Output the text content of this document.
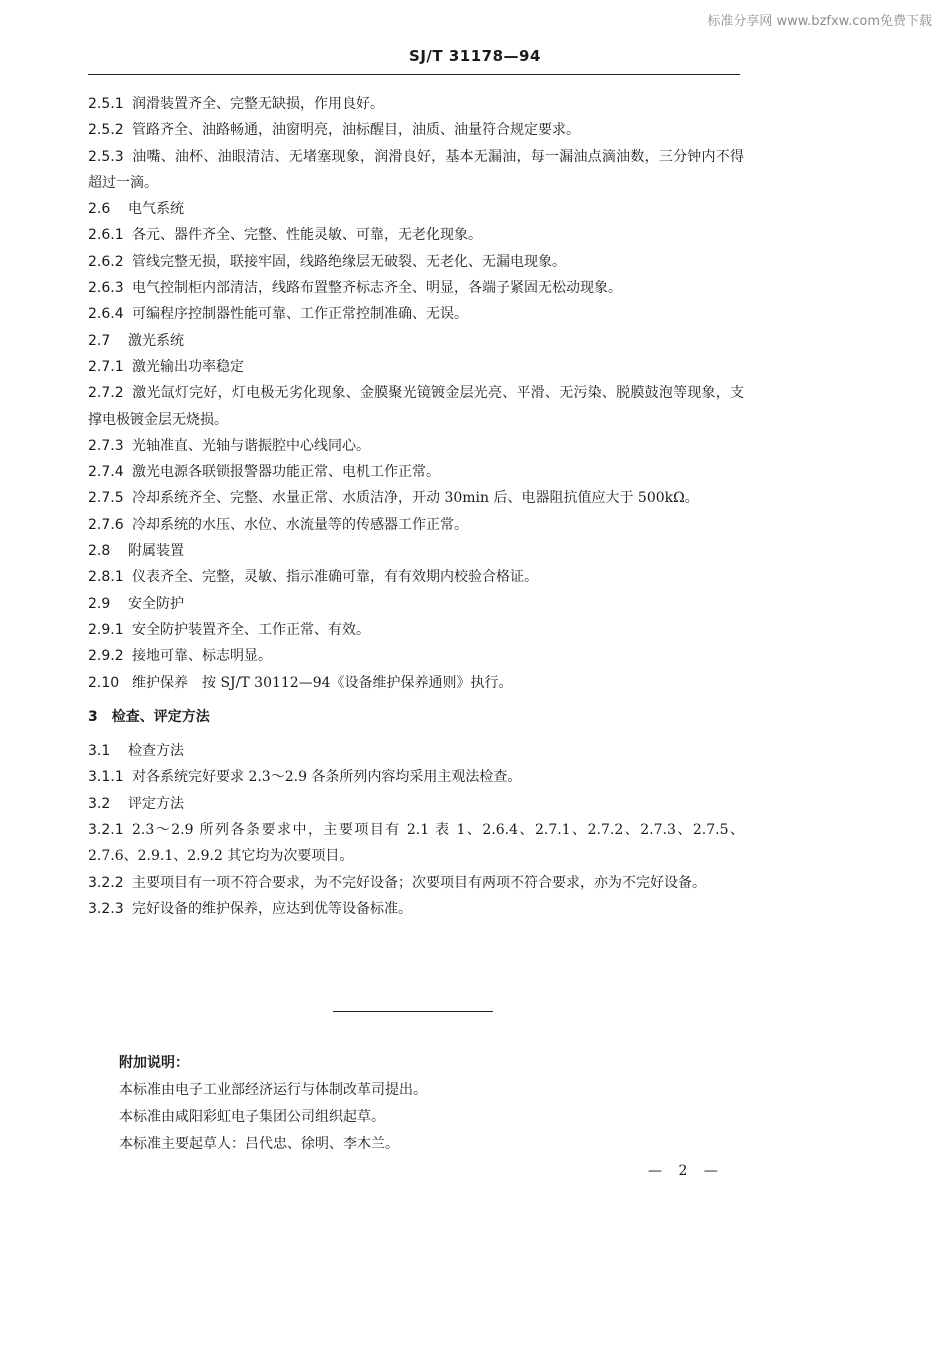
标准分享网 www.bzfxw.com免费下载
SJ/T 31178—94
2.5.1 润滑装置齐全、完整无缺损，作用良好。
2.5.2 管路齐全、油路畅通，油窗明亮，油标醒目，油质、油量符合规定要求。
2.5.3 油嘴、油杯、油眼清洁、无堵塞现象，润滑良好，基本无漏油，每一漏油点滴油数，三分钟内不得超过一滴。
2.6 电气系统
2.6.1 各元、器件齐全、完整、性能灵敏、可靠，无老化现象。
2.6.2 管线完整无损，联接牢固，线路绝缘层无破裂、无老化、无漏电现象。
2.6.3 电气控制柜内部清洁，线路布置整齐标志齐全、明显，各端子紧固无松动现象。
2.6.4 可编程序控制器性能可靠、工作正常控制准确、无误。
2.7 激光系统
2.7.1 激光输出功率稳定
2.7.2 激光氙灯完好，灯电极无劣化现象、金膜聚光镜镀金层光亮、平滑、无污染、脱膜鼓泡等现象，支撑电极镀金层无烧损。
2.7.3 光轴准直、光轴与谐振腔中心线同心。
2.7.4 激光电源各联锁报警器功能正常、电机工作正常。
2.7.5 冷却系统齐全、完整、水量正常、水质洁净，开动 30min 后、电器阻抗值应大于 500kΩ。
2.7.6 冷却系统的水压、水位、水流量等的传感器工作正常。
2.8 附属装置
2.8.1 仪表齐全、完整，灵敏、指示准确可靠，有有效期内校验合格证。
2.9 安全防护
2.9.1 安全防护装置齐全、工作正常、有效。
2.9.2 接地可靠、标志明显。
2.10 维护保养　按 SJ/T 30112—94《设备维护保养通则》执行。
3　检查、评定方法
3.1 检查方法
3.1.1 对各系统完好要求 2.3～2.9 各条所列内容均采用主观法检查。
3.2 评定方法
3.2.1 2.3～2.9 所列各条要求中，主要项目有 2.1 表 1、2.6.4、2.7.1、2.7.2、2.7.3、2.7.5、2.7.6、2.9.1、2.9.2 其它均为次要项目。
3.2.2 主要项目有一项不符合要求，为不完好设备；次要项目有两项不符合要求，亦为不完好设备。
3.2.3 完好设备的维护保养，应达到优等设备标准。
附加说明：
本标准由电子工业部经济运行与体制改革司提出。
本标准由咸阳彩虹电子集团公司组织起草。
本标准主要起草人：吕代忠、徐明、李木兰。
— 2 —
